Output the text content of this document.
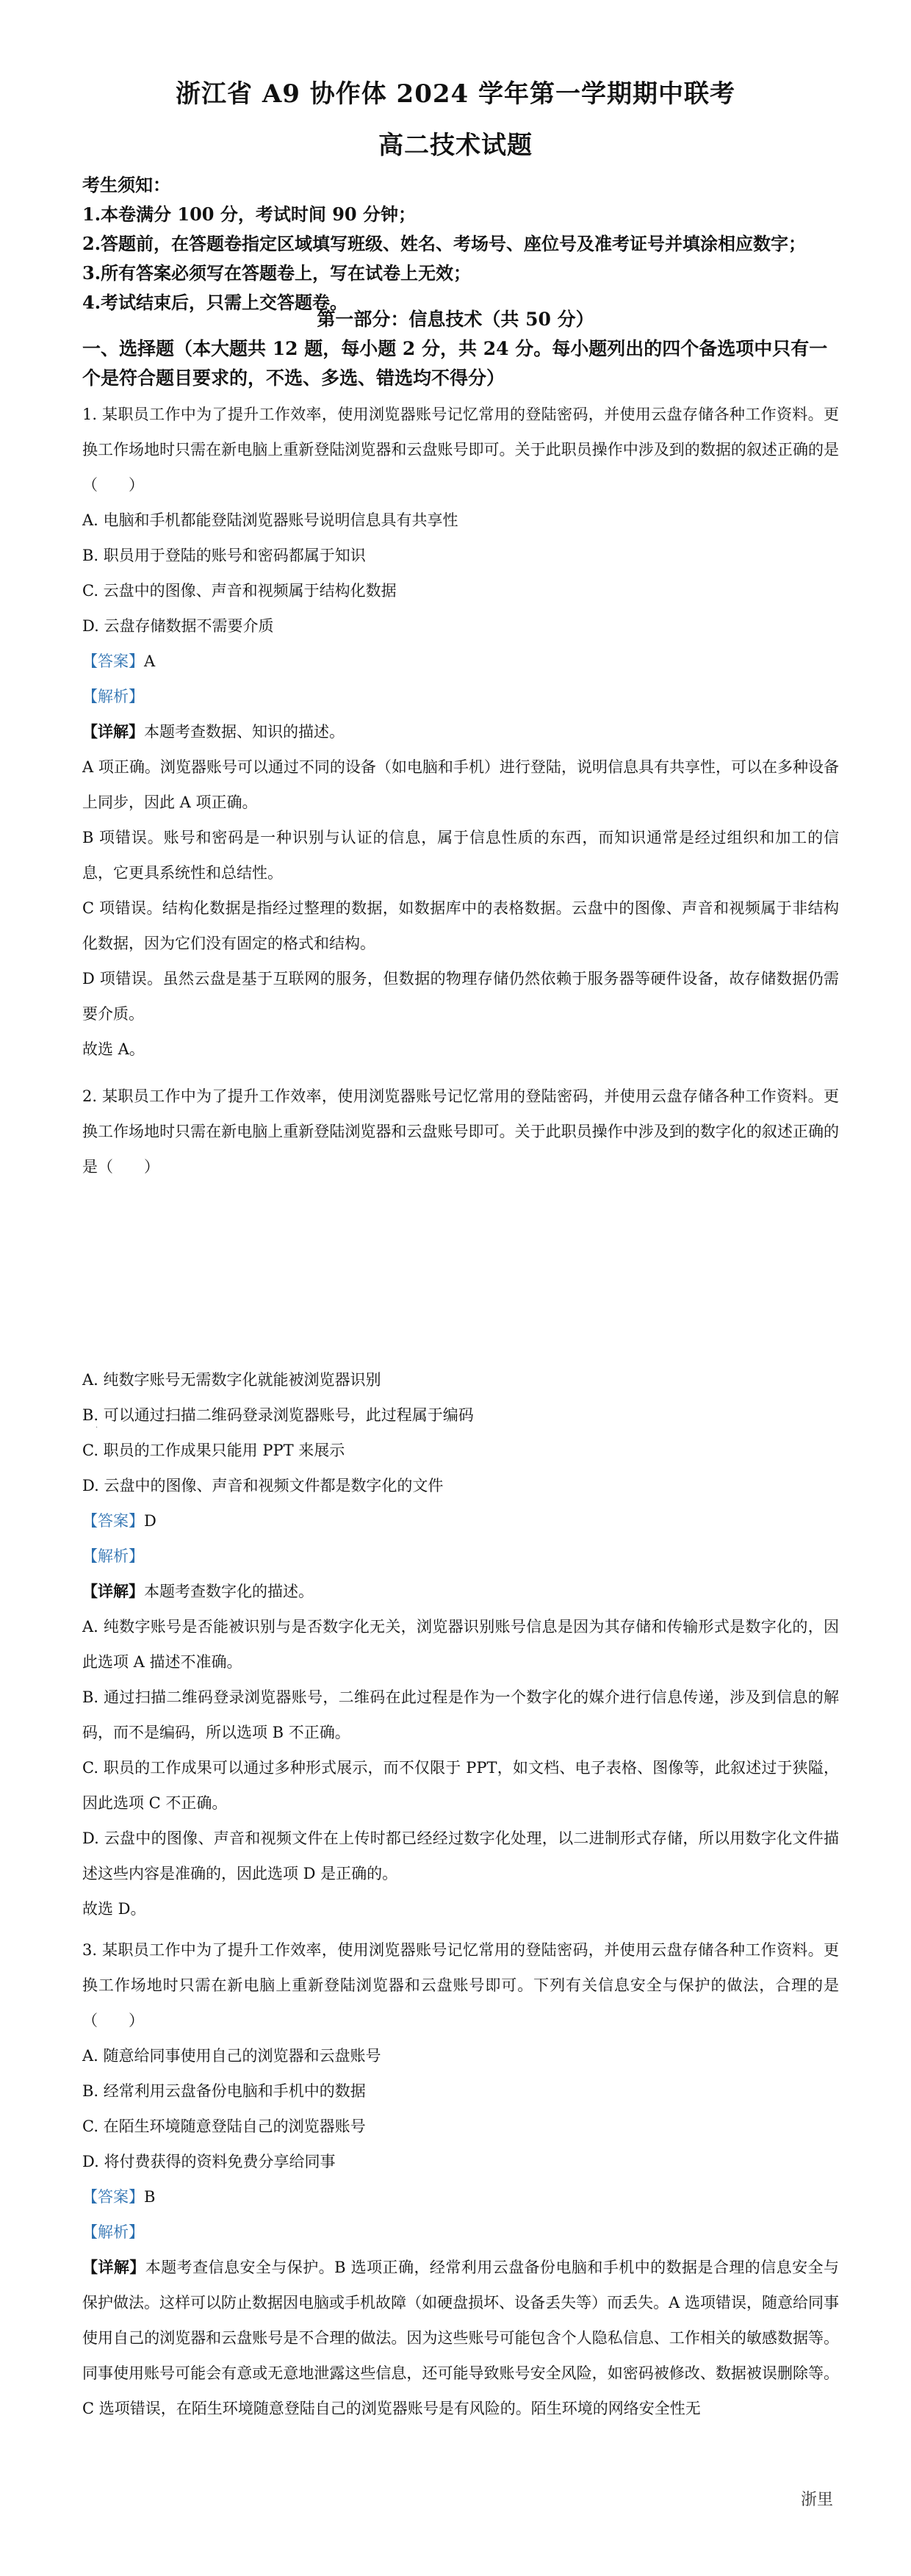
浙江省 A9 协作体 2024 学年第一学期期中联考
高二技术试题
考生须知：
1.本卷满分 100 分，考试时间 90 分钟；
2.答题前，在答题卷指定区域填写班级、姓名、考场号、座位号及准考证号并填涂相应数字；
3.所有答案必须写在答题卷上，写在试卷上无效；
4.考试结束后，只需上交答题卷。
第一部分：信息技术（共 50 分）
一、选择题（本大题共 12 题，每小题 2 分，共 24 分。每小题列出的四个备选项中只有一个是符合题目要求的，不选、多选、错选均不得分）

1. 某职员工作中为了提升工作效率，使用浏览器账号记忆常用的登陆密码，并使用云盘存储各种工作资料。更换工作场地时只需在新电脑上重新登陆浏览器和云盘账号即可。关于此职员操作中涉及到的数据的叙述正确的是（　　）

A. 电脑和手机都能登陆浏览器账号说明信息具有共享性

B. 职员用于登陆的账号和密码都属于知识

C. 云盘中的图像、声音和视频属于结构化数据

D. 云盘存储数据不需要介质

【答案】A

【解析】

【详解】本题考查数据、知识的描述。

A 项正确。浏览器账号可以通过不同的设备（如电脑和手机）进行登陆，说明信息具有共享性，可以在多种设备上同步，因此 A 项正确。

B 项错误。账号和密码是一种识别与认证的信息，属于信息性质的东西，而知识通常是经过组织和加工的信息，它更具系统性和总结性。

C 项错误。结构化数据是指经过整理的数据，如数据库中的表格数据。云盘中的图像、声音和视频属于非结构化数据，因为它们没有固定的格式和结构。

D 项错误。虽然云盘是基于互联网的服务，但数据的物理存储仍然依赖于服务器等硬件设备，故存储数据仍需要介质。

故选 A。

2. 某职员工作中为了提升工作效率，使用浏览器账号记忆常用的登陆密码，并使用云盘存储各种工作资料。更换工作场地时只需在新电脑上重新登陆浏览器和云盘账号即可。关于此职员操作中涉及到的数字化的叙述正确的是（　　）

·

A. 纯数字账号无需数字化就能被浏览器识别

B. 可以通过扫描二维码登录浏览器账号，此过程属于编码

C. 职员的工作成果只能用 PPT 来展示

D. 云盘中的图像、声音和视频文件都是数字化的文件

【答案】D

【解析】

【详解】本题考查数字化的描述。

A. 纯数字账号是否能被识别与是否数字化无关，浏览器识别账号信息是因为其存储和传输形式是数字化的，因此选项 A 描述不准确。

B. 通过扫描二维码登录浏览器账号，二维码在此过程是作为一个数字化的媒介进行信息传递，涉及到信息的解码，而不是编码，所以选项 B 不正确。

C. 职员的工作成果可以通过多种形式展示，而不仅限于 PPT，如文档、电子表格、图像等，此叙述过于狭隘，因此选项 C 不正确。

D. 云盘中的图像、声音和视频文件在上传时都已经经过数字化处理，以二进制形式存储，所以用数字化文件描述这些内容是准确的，因此选项 D 是正确的。

故选 D。

3. 某职员工作中为了提升工作效率，使用浏览器账号记忆常用的登陆密码，并使用云盘存储各种工作资料。更换工作场地时只需在新电脑上重新登陆浏览器和云盘账号即可。下列有关信息安全与保护的做法，合理的是（　　）

A. 随意给同事使用自己的浏览器和云盘账号

B. 经常利用云盘备份电脑和手机中的数据

C. 在陌生环境随意登陆自己的浏览器账号

D. 将付费获得的资料免费分享给同事

【答案】B

【解析】

【详解】本题考查信息安全与保护。B 选项正确，经常利用云盘备份电脑和手机中的数据是合理的信息安全与保护做法。这样可以防止数据因电脑或手机故障（如硬盘损坏、设备丢失等）而丢失。A 选项错误，随意给同事使用自己的浏览器和云盘账号是不合理的做法。因为这些账号可能包含个人隐私信息、工作相关的敏感数据等。同事使用账号可能会有意或无意地泄露这些信息，还可能导致账号安全风险，如密码被修改、数据被误删除等。C 选项错误，在陌生环境随意登陆自己的浏览器账号是有风险的。陌生环境的网络安全性无

浙里
